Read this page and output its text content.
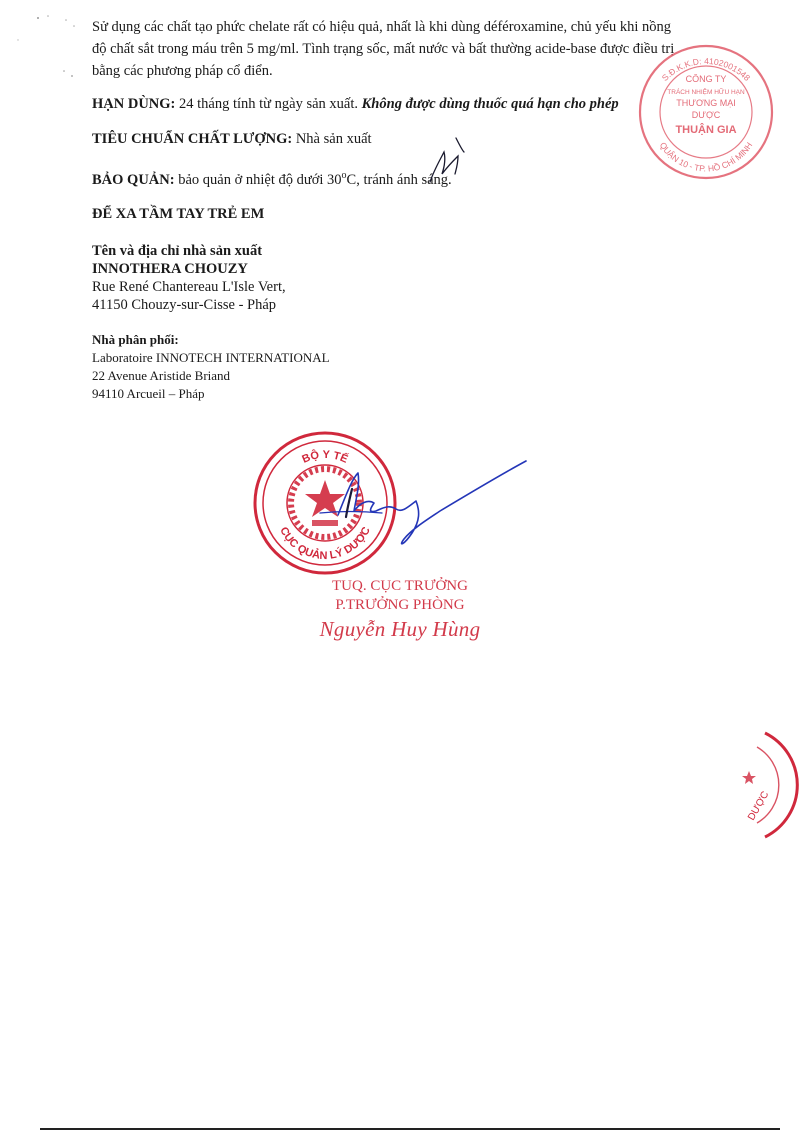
Sử dụng các chất tạo phức chelate rất có hiệu quả, nhất là khi dùng déféroxamine, chủ yếu khi nồng
độ chất sắt trong máu trên 5 mg/ml. Tình trạng sốc, mất nước và bất thường acide-base được điều trị
bằng các phương pháp cổ điển.
HẠN DÙNG: 24 tháng tính từ ngày sản xuất. Không được dùng thuốc quá hạn cho phép
TIÊU CHUẨN CHẤT LƯỢNG: Nhà sản xuất
BẢO QUẢN: bảo quản ở nhiệt độ dưới 30$^o$C, tránh ánh sáng.
ĐỂ XA TẦM TAY TRẺ EM
Tên và địa chỉ nhà sản xuất
INNOTHERA CHOUZY
Rue René Chantereau L'Isle Vert,
41150 Chouzy-sur-Cisse - Pháp
Nhà phân phối:
Laboratoire INNOTECH INTERNATIONAL
22 Avenue Aristide Briand
94110 Arcueil – Pháp
S.Đ.K.K.D: 4102001548
QUẬN 10 - TP. HỒ CHÍ MINH
CÔNG TY
TRÁCH NHIỆM HỮU HẠN
THƯƠNG MẠI
DƯỢC
THUẬN GIA
BỘ Y TẾ
CỤC QUẢN LÝ DƯỢC
TUQ. CỤC TRƯỞNG
P.TRƯỞNG PHÒNG
Nguyễn Huy Hùng
DƯỢC
